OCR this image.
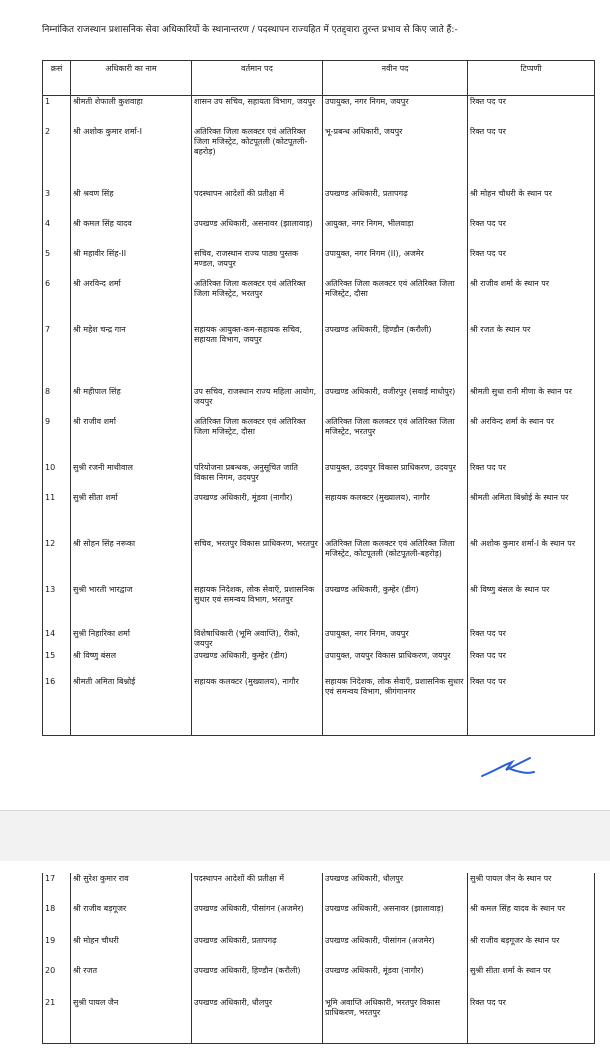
निम्नांकित राजस्थान प्रशासनिक सेवा अधिकारियों के स्थानान्तरण / पदस्थापन राज्यहित में एतद्द्वारा तुरन्त प्रभाव से किए जाते हैं:-
क्रसं	अधिकारी का नाम	वर्तमान पद	नवीन पद	टिप्पणी
1	श्रीमती शेफाली कुशवाहा	शासन उप सचिव, सहायता विभाग, जयपुर	उपायुक्त, नगर निगम, जयपुर	रिक्त पद पर
2	श्री अशोक कुमार शर्मा-I	अतिरिक्त जिला कलक्टर एवं अतिरिक्त जिला मजिस्ट्रेट, कोटपूतली (कोटपूतली-बहरोड़)	भू-प्रबन्ध अधिकारी, जयपुर	रिक्त पद पर
3	श्री श्रवण सिंह	पदस्थापन आदेशों की प्रतीक्षा में	उपखण्ड अधिकारी, प्रतापगढ़	श्री मोहन चौधरी के स्थान पर
4	श्री कमल सिंह यादव	उपखण्ड अधिकारी, असनावर (झालावाड़)	आयुक्त, नगर निगम, भीलवाड़ा	रिक्त पद पर
5	श्री महावीर सिंह-II	सचिव, राजस्थान राज्य पाठ्य पुस्तक मण्डल, जयपुर	उपायुक्त, नगर निगम (II), अजमेर	रिक्त पद पर
6	श्री अरविन्द शर्मा	अतिरिक्त जिला कलक्टर एवं अतिरिक्त जिला मजिस्ट्रेट, भरतपुर	अतिरिक्त जिला कलक्टर एवं अतिरिक्त जिला मजिस्ट्रेट, दौसा	श्री राजीव शर्मा के स्थान पर
7	श्री महेश चन्द्र गान	सहायक आयुक्त-कम-सहायक सचिव, सहायता विभाग, जयपुर	उपखण्ड अधिकारी, हिण्डौन (करौली)	श्री रजत के स्थान पर
8	श्री महीपाल सिंह	उप सचिव, राजस्थान राज्य महिला आयोग, जयपुर	उपखण्ड अधिकारी, वजीरपुर (सवाई माधोपुर)	श्रीमती सुधा रानी मीणा के स्थान पर
9	श्री राजीव शर्मा	अतिरिक्त जिला कलक्टर एवं अतिरिक्त जिला मजिस्ट्रेट, दौसा	अतिरिक्त जिला कलक्टर एवं अतिरिक्त जिला मजिस्ट्रेट, भरतपुर	श्री अरविन्द शर्मा के स्थान पर
10	सुश्री रजनी माथीवाल	परियोजना प्रबन्धक, अनुसूचित जाति विकास निगम, उदयपुर	उपायुक्त, उदयपुर विकास प्राधिकरण, उदयपुर	रिक्त पद पर
11	सुश्री सीता शर्मा	उपखण्ड अधिकारी, मूंडवा (नागौर)	सहायक कलक्टर (मुख्यालय), नागौर	श्रीमती अमिता बिश्नोई के स्थान पर
12	श्री सोहन सिंह नरूका	सचिव, भरतपुर विकास प्राधिकरण, भरतपुर	अतिरिक्त जिला कलक्टर एवं अतिरिक्त जिला मजिस्ट्रेट, कोटपूतली (कोटपूतली-बहरोड़)	श्री अशोक कुमार शर्मा-I के स्थान पर
13	सुश्री भारती भारद्वाज	सहायक निदेशक, लोक सेवाएँ, प्रशासनिक सुधार एवं समन्वय विभाग, भरतपुर	उपखण्ड अधिकारी, कुम्हेर (डीग)	श्री विष्णु बंसल के स्थान पर
14	सुश्री निहारिका शर्मा	विशेषाधिकारी (भूमि अवाप्ति), रीको, जयपुर	उपायुक्त, नगर निगम, जयपुर	रिक्त पद पर
15	श्री विष्णु बंसल	उपखण्ड अधिकारी, कुम्हेर (डीग)	उपायुक्त, जयपुर विकास प्राधिकरण, जयपुर	रिक्त पद पर
16	श्रीमती अमिता बिश्नोई	सहायक कलक्टर (मुख्यालय), नागौर	सहायक निदेशक, लोक सेवाएँ, प्रशासनिक सुधार एवं समन्वय विभाग, श्रीगंगानगर	रिक्त पद पर
17	श्री सुरेश कुमार राव	पदस्थापन आदेशों की प्रतीक्षा में	उपखण्ड अधिकारी, धौलपुर	सुश्री पायल जैन के स्थान पर
18	श्री राजीव बड़गूजर	उपखण्ड अधिकारी, पीसांगन (अजमेर)	उपखण्ड अधिकारी, असनावर (झालावाड़)	श्री कमल सिंह यादव के स्थान पर
19	श्री मोहन चौधरी	उपखण्ड अधिकारी, प्रतापगढ़	उपखण्ड अधिकारी, पीसांगन (अजमेर)	श्री राजीव बड़गूजर के स्थान पर
20	श्री रजत	उपखण्ड अधिकारी, हिण्डौन (करौली)	उपखण्ड अधिकारी, मूंडवा (नागौर)	सुश्री सीता शर्मा के स्थान पर
21	सुश्री पायल जैन	उपखण्ड अधिकारी, धौलपुर	भूमि अवाप्ति अधिकारी, भरतपुर विकास प्राधिकरण, भरतपुर	रिक्त पद पर
